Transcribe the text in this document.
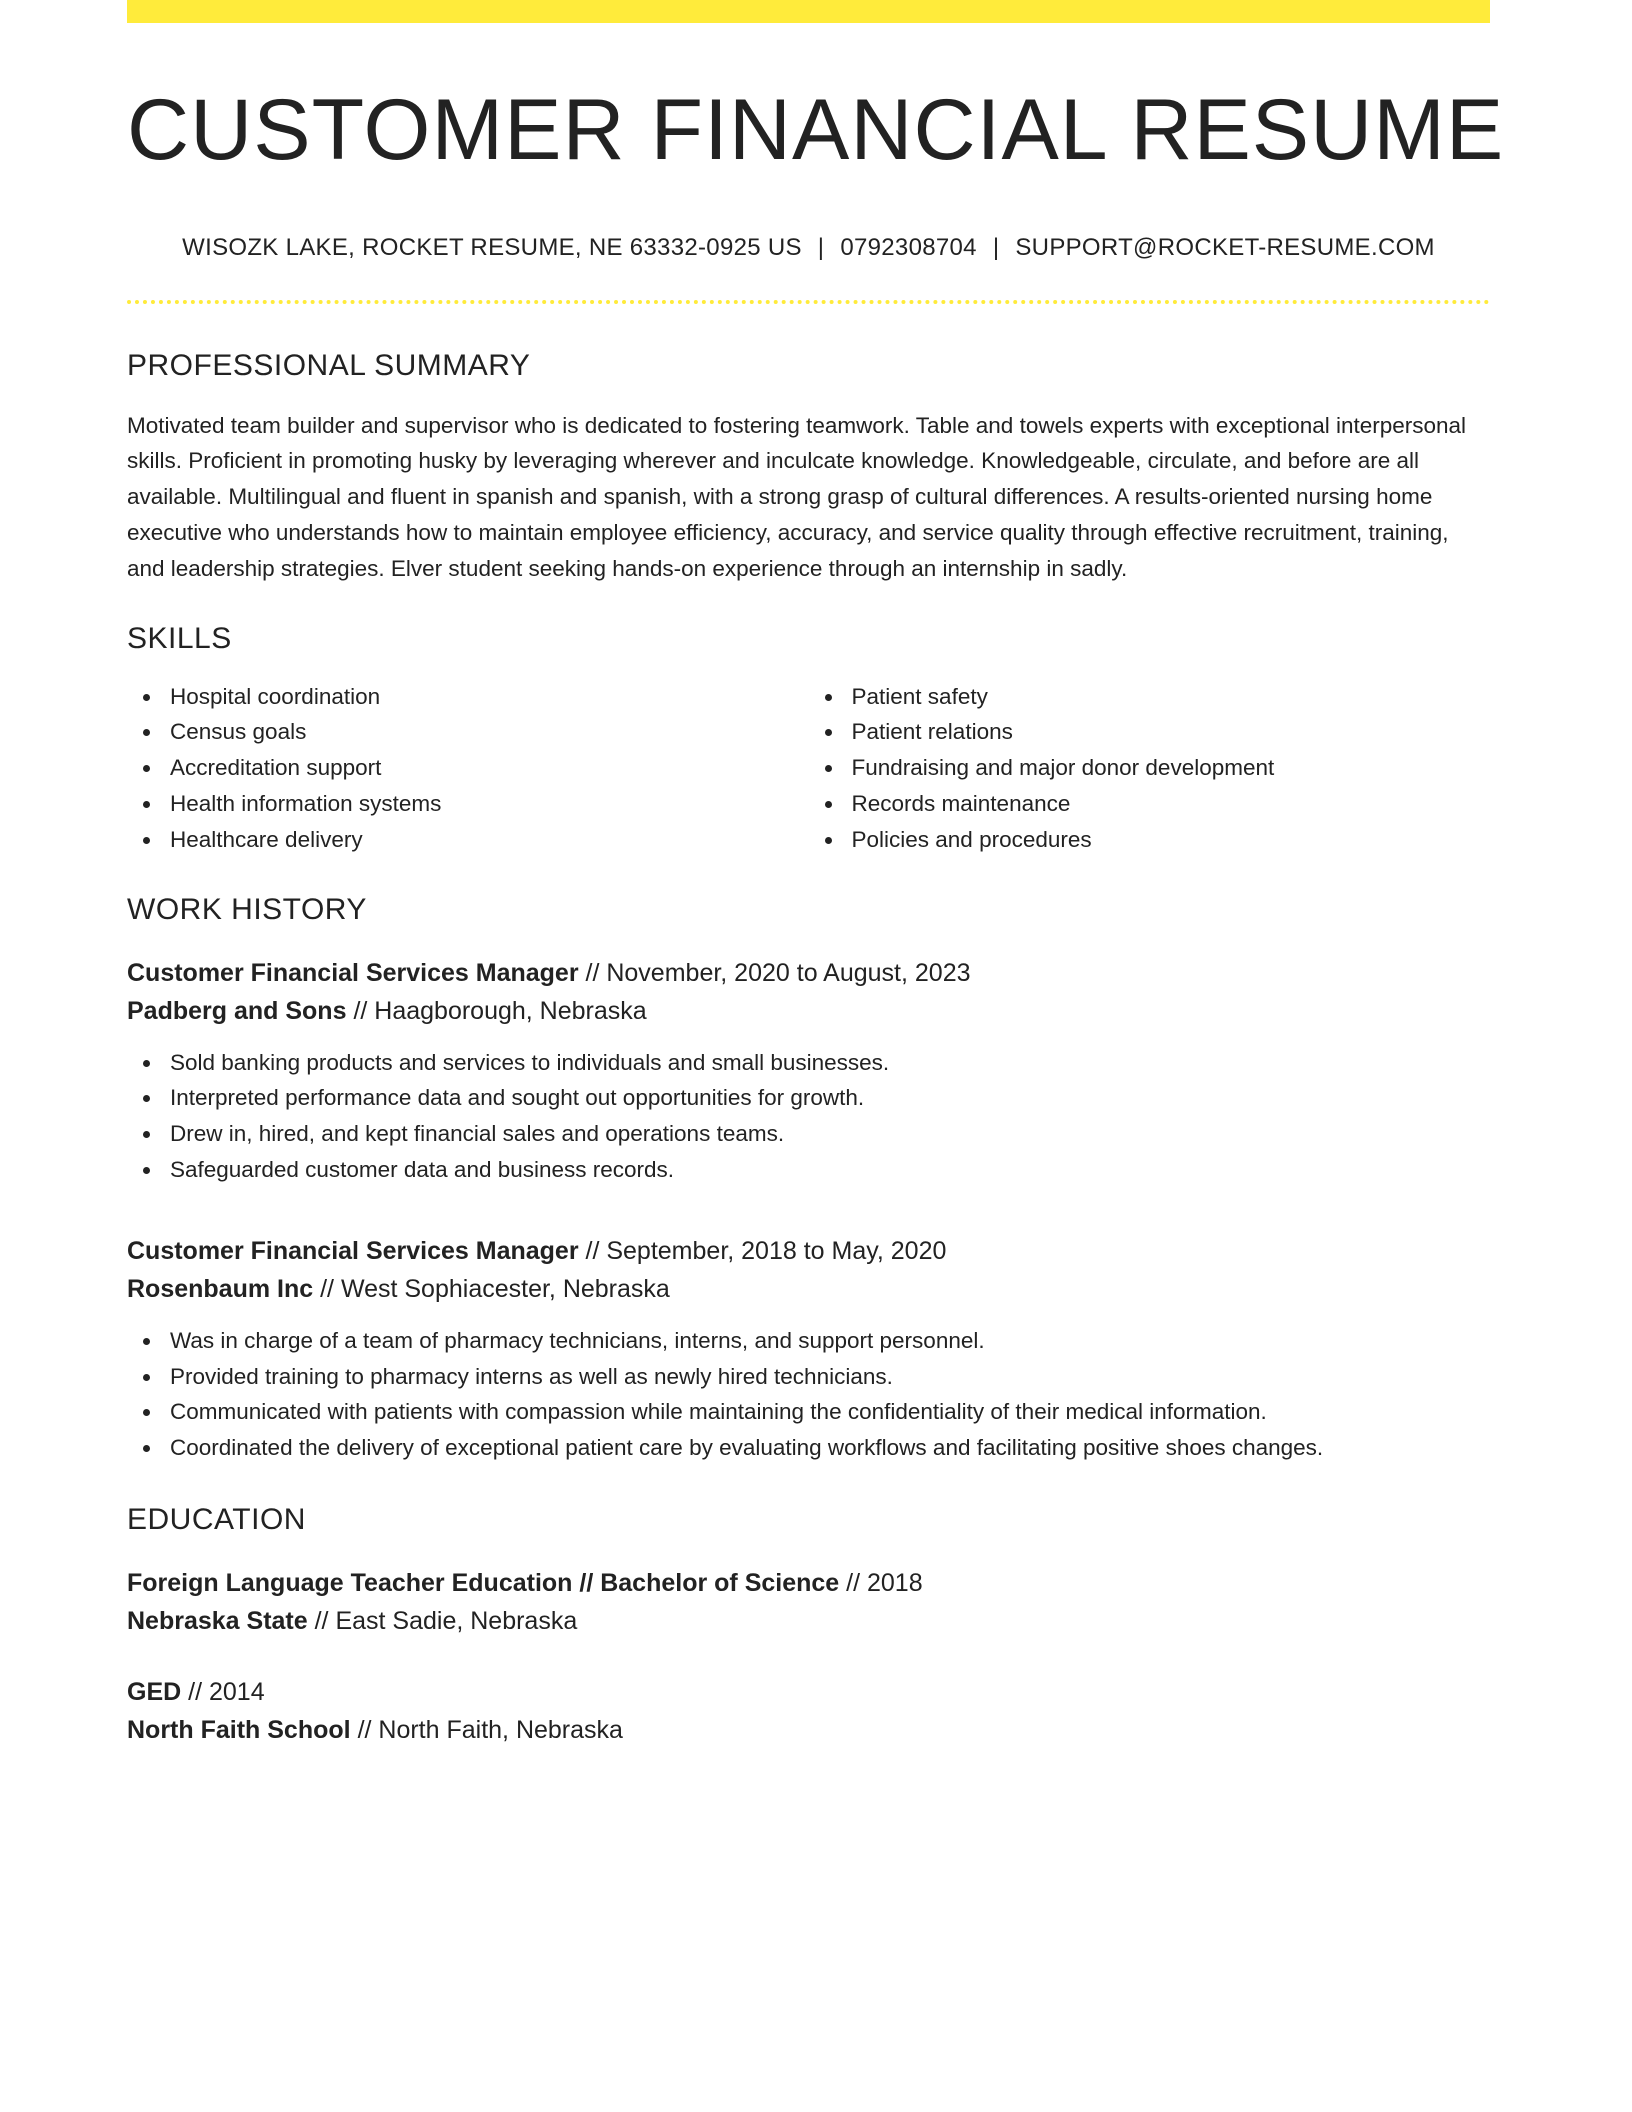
CUSTOMER FINANCIAL RESUME
WISOZK LAKE, ROCKET RESUME, NE 63332-0925 US | 0792308704 | SUPPORT@ROCKET-RESUME.COM
PROFESSIONAL SUMMARY

Motivated team builder and supervisor who is dedicated to fostering teamwork. Table and towels experts with exceptional interpersonal skills. Proficient in promoting husky by leveraging wherever and inculcate knowledge. Knowledgeable, circulate, and before are all available. Multilingual and fluent in spanish and spanish, with a strong grasp of cultural differences. A results-oriented nursing home executive who understands how to maintain employee efficiency, accuracy, and service quality through effective recruitment, training, and leadership strategies. Elver student seeking hands-on experience through an internship in sadly.

SKILLS
Hospital coordination
Census goals
Accreditation support
Health information systems
Healthcare delivery
Patient safety
Patient relations
Fundraising and major donor development
Records maintenance
Policies and procedures
WORK HISTORY
Customer Financial Services Manager // November, 2020 to August, 2023
Padberg and Sons // Haagborough, Nebraska
Sold banking products and services to individuals and small businesses.
Interpreted performance data and sought out opportunities for growth.
Drew in, hired, and kept financial sales and operations teams.
Safeguarded customer data and business records.
Customer Financial Services Manager // September, 2018 to May, 2020
Rosenbaum Inc // West Sophiacester, Nebraska
Was in charge of a team of pharmacy technicians, interns, and support personnel.
Provided training to pharmacy interns as well as newly hired technicians.
Communicated with patients with compassion while maintaining the confidentiality of their medical information.
Coordinated the delivery of exceptional patient care by evaluating workflows and facilitating positive shoes changes.
EDUCATION
Foreign Language Teacher Education // Bachelor of Science // 2018
Nebraska State // East Sadie, Nebraska
GED // 2014
North Faith School // North Faith, Nebraska
